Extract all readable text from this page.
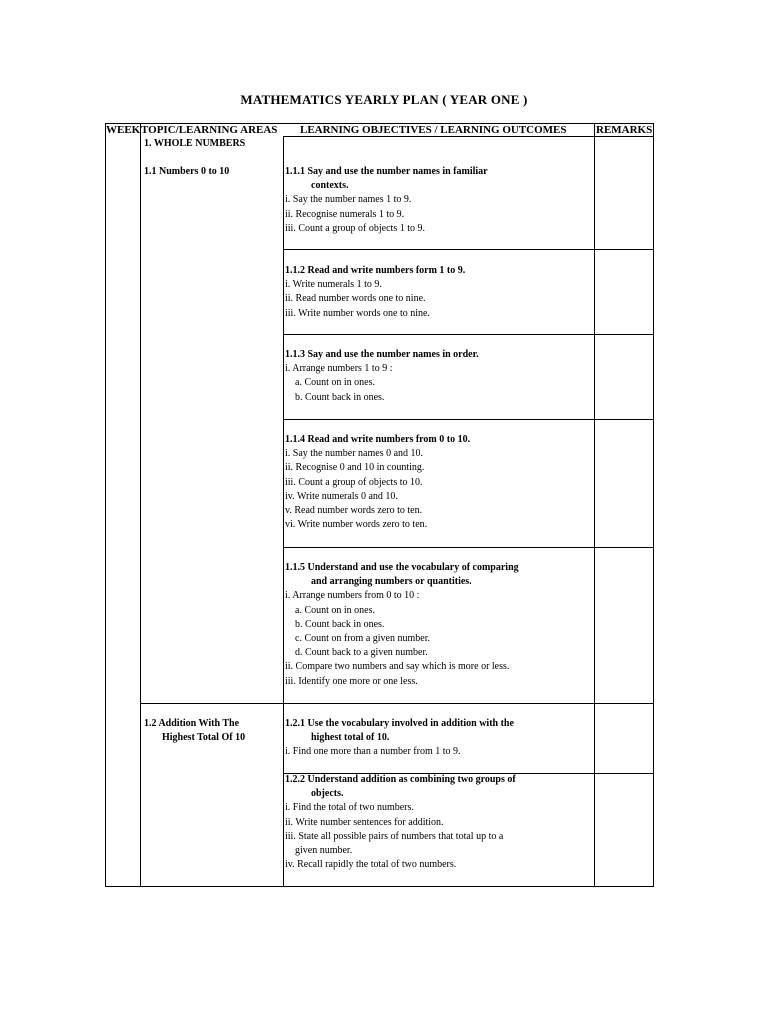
MATHEMATICS YEARLY PLAN ( YEAR ONE )
WEEK TOPIC/LEARNING AREAS LEARNING OBJECTIVES / LEARNING OUTCOMES	REMARKS
1. WHOLE NUMBERS
1.1 Numbers 0 to 10
1.2 Addition With The
Highest Total Of 10
1.1.1 Say and use the number names in familiar
contexts.
i. Say the number names 1 to 9.
ii. Recognise numerals 1 to 9.
iii. Count a group of objects 1 to 9.
1.1.2 Read and write numbers form 1 to 9.
i. Write numerals 1 to 9.
ii. Read number words one to nine.
iii. Write number words one to nine.
1.1.3 Say and use the number names in order.
i. Arrange numbers 1 to 9 :
a. Count on in ones.
b. Count back in ones.
1.1.4 Read and write numbers from 0 to 10.
i. Say the number names 0 and 10.
ii. Recognise 0 and 10 in counting.
iii. Count a group of objects to 10.
iv. Write numerals 0 and 10.
v. Read number words zero to ten.
vi. Write number words zero to ten.
1.1.5 Understand and use the vocabulary of comparing
and arranging numbers or quantities.
i. Arrange numbers from 0 to 10 :
a. Count on in ones.
b. Count back in ones.
c. Count on from a given number.
d. Count back to a given number.
ii. Compare two numbers and say which is more or less.
iii. Identify one more or one less.
1.2.1 Use the vocabulary involved in addition with the
highest total of 10.
i. Find one more than a number from 1 to 9.
1.2.2 Understand addition as combining two groups of
objects.
i. Find the total of two numbers.
ii. Write number sentences for addition.
iii. State all possible pairs of numbers that total up to a
given number.
iv. Recall rapidly the total of two numbers.
